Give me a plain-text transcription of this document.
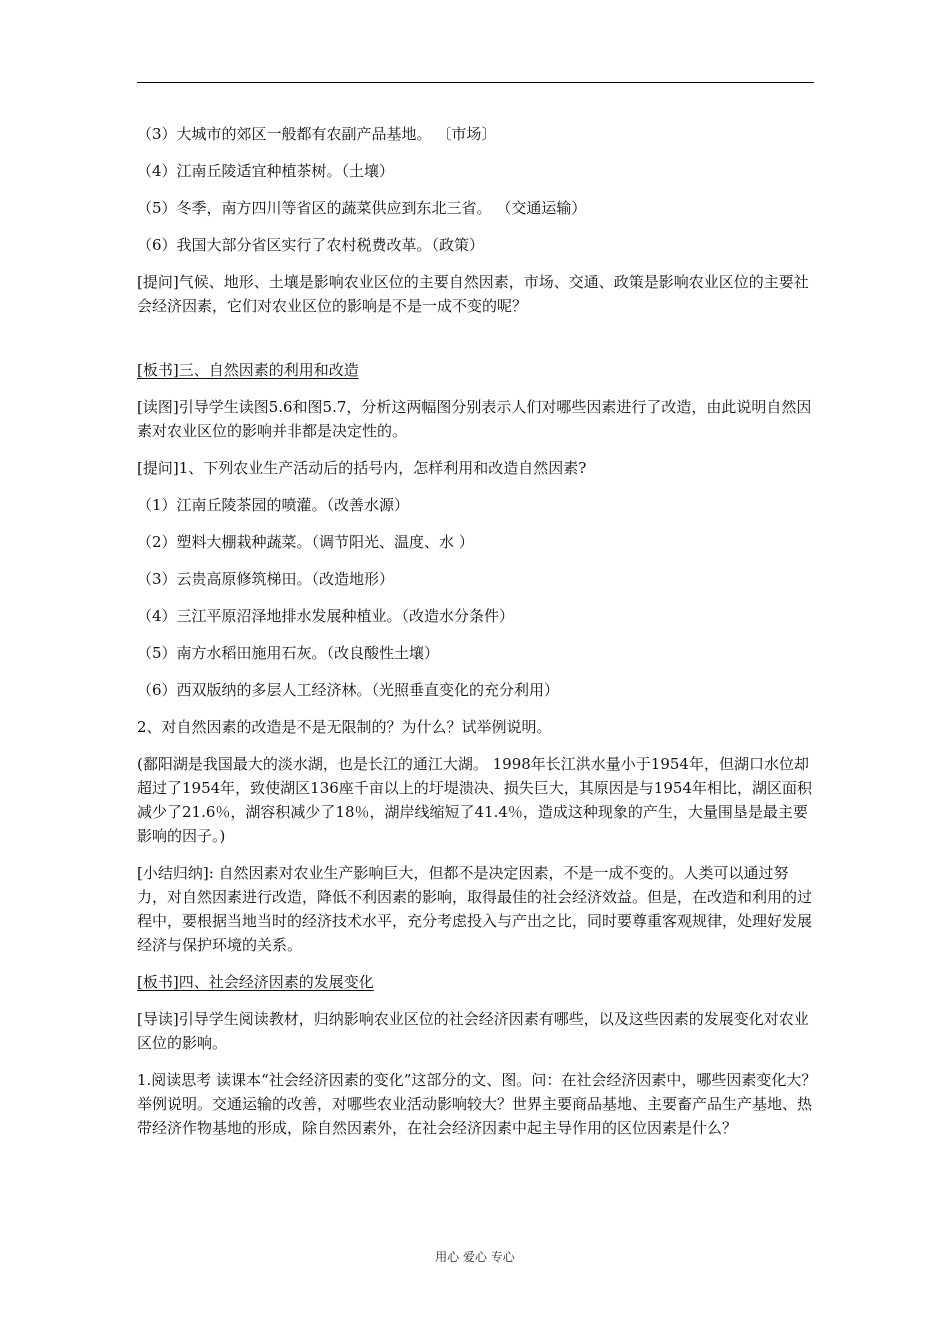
（3）大城市的郊区一般都有农副产品基地。 〔市场〕

（4）江南丘陵适宜种植茶树。（土壤）

（5）冬季，南方四川等省区的蔬菜供应到东北三省。 （交通运输）

（6）我国大部分省区实行了农村税费改革。（政策）

[提问]气候、地形、土壤是影响农业区位的主要自然因素，市场、交通、政策是影响农业区位的主要社会经济因素，它们对农业区位的影响是不是一成不变的呢？

[板书]三、自然因素的利用和改造

[读图]引导学生读图5.6和图5.7，分析这两幅图分别表示人们对哪些因素进行了改造，由此说明自然因素对农业区位的影响并非都是决定性的。

[提问]1、下列农业生产活动后的括号内，怎样利用和改造自然因素?

（1）江南丘陵茶园的喷灌。（改善水源）

（2）塑料大棚栽种蔬菜。（调节阳光、温度、水 ）

（3）云贵高原修筑梯田。（改造地形）

（4）三江平原沼泽地排水发展种植业。（改造水分条件）

（5）南方水稻田施用石灰。（改良酸性土壤）

（6）西双版纳的多层人工经济林。（光照垂直变化的充分利用）

2、对自然因素的改造是不是无限制的？为什么？试举例说明。

(鄱阳湖是我国最大的淡水湖，也是长江的通江大湖。 1998年长江洪水量小于1954年，但湖口水位却超过了1954年，致使湖区136座千亩以上的圩堤溃决、损失巨大，其原因是与1954年相比，湖区面积减少了21.6％，湖容积减少了18％，湖岸线缩短了41.4％，造成这种现象的产生，大量围垦是最主要影响的因子。)

[小结归纳]: 自然因素对农业生产影响巨大，但都不是决定因素，不是一成不变的。人类可以通过努力，对自然因素进行改造，降低不利因素的影响，取得最佳的社会经济效益。但是，在改造和利用的过程中，要根据当地当时的经济技术水平，充分考虑投入与产出之比，同时要尊重客观规律，处理好发展经济与保护环境的关系。

[板书]四、社会经济因素的发展变化

[导读]引导学生阅读教材，归纳影响农业区位的社会经济因素有哪些，以及这些因素的发展变化对农业区位的影响。

1.阅读思考 读课本“社会经济因素的变化”这部分的文、图。问：在社会经济因素中，哪些因素变化大？举例说明。交通运输的改善，对哪些农业活动影响较大？世界主要商品基地、主要畜产品生产基地、热带经济作物基地的形成，除自然因素外，在社会经济因素中起主导作用的区位因素是什么？

用心 爱心 专心
